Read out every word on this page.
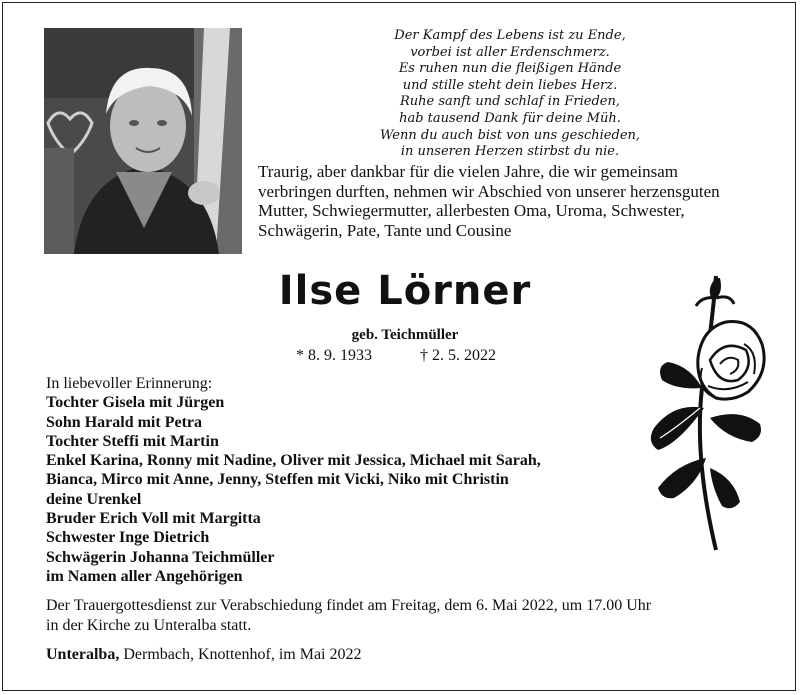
Der Kampf des Lebens ist zu Ende,
vorbei ist aller Erdenschmerz.
Es ruhen nun die fleißigen Hände
und stille steht dein liebes Herz.
Ruhe sanft und schlaf in Frieden,
hab tausend Dank für deine Müh.
Wenn du auch bist von uns geschieden,
in unseren Herzen stirbst du nie.
Traurig, aber dankbar für die vielen Jahre, die wir gemeinsam
verbringen durften, nehmen wir Abschied von unserer herzensguten
Mutter, Schwiegermutter, allerbesten Oma, Uroma, Schwester,
Schwägerin, Pate, Tante und Cousine
Ilse Lörner
geb. Teichmüller
* 8. 9. 1933	† 2. 5. 2022
In liebevoller Erinnerung:
Tochter Gisela mit Jürgen
Sohn Harald mit Petra
Tochter Steffi mit Martin
Enkel Karina, Ronny mit Nadine, Oliver mit Jessica, Michael mit Sarah,
Bianca, Mirco mit Anne, Jenny, Steffen mit Vicki, Niko mit Christin
deine Urenkel
Bruder Erich Voll mit Margitta
Schwester Inge Dietrich
Schwägerin Johanna Teichmüller
im Namen aller Angehörigen
Der Trauergottesdienst zur Verabschiedung findet am Freitag, dem 6. Mai 2022, um 17.00 Uhr
in der Kirche zu Unteralba statt.
Unteralba, Dermbach, Knottenhof, im Mai 2022
